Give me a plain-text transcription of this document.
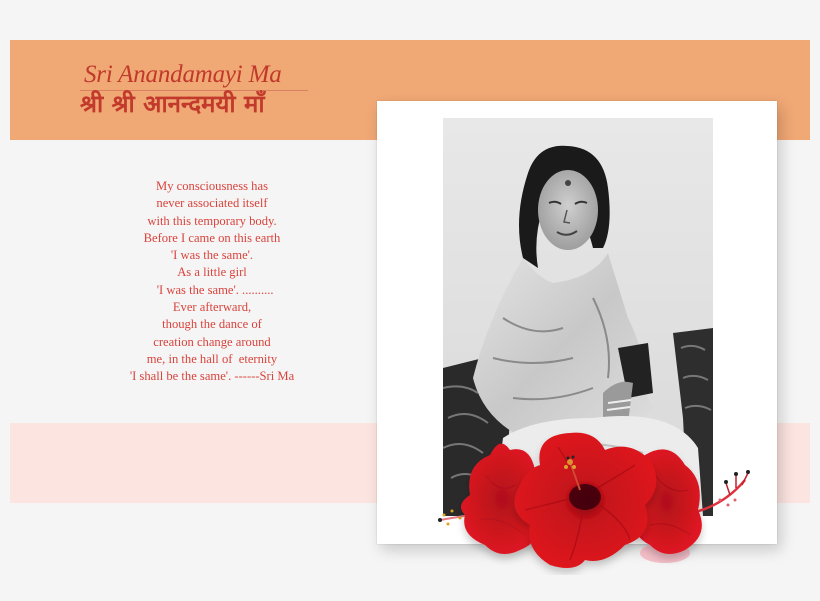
Sri Anandamayi Ma
श्री श्री आनन्दमयी माँ
My consciousness has
never associated itself
with this temporary body.
Before I came on this earth
'I was the same'.
As a little girl
'I was the same'. ..........
Ever afterward,
though the dance of
creation change around
me, in the hall of  eternity
'I shall be the same'. ------Sri Ma
